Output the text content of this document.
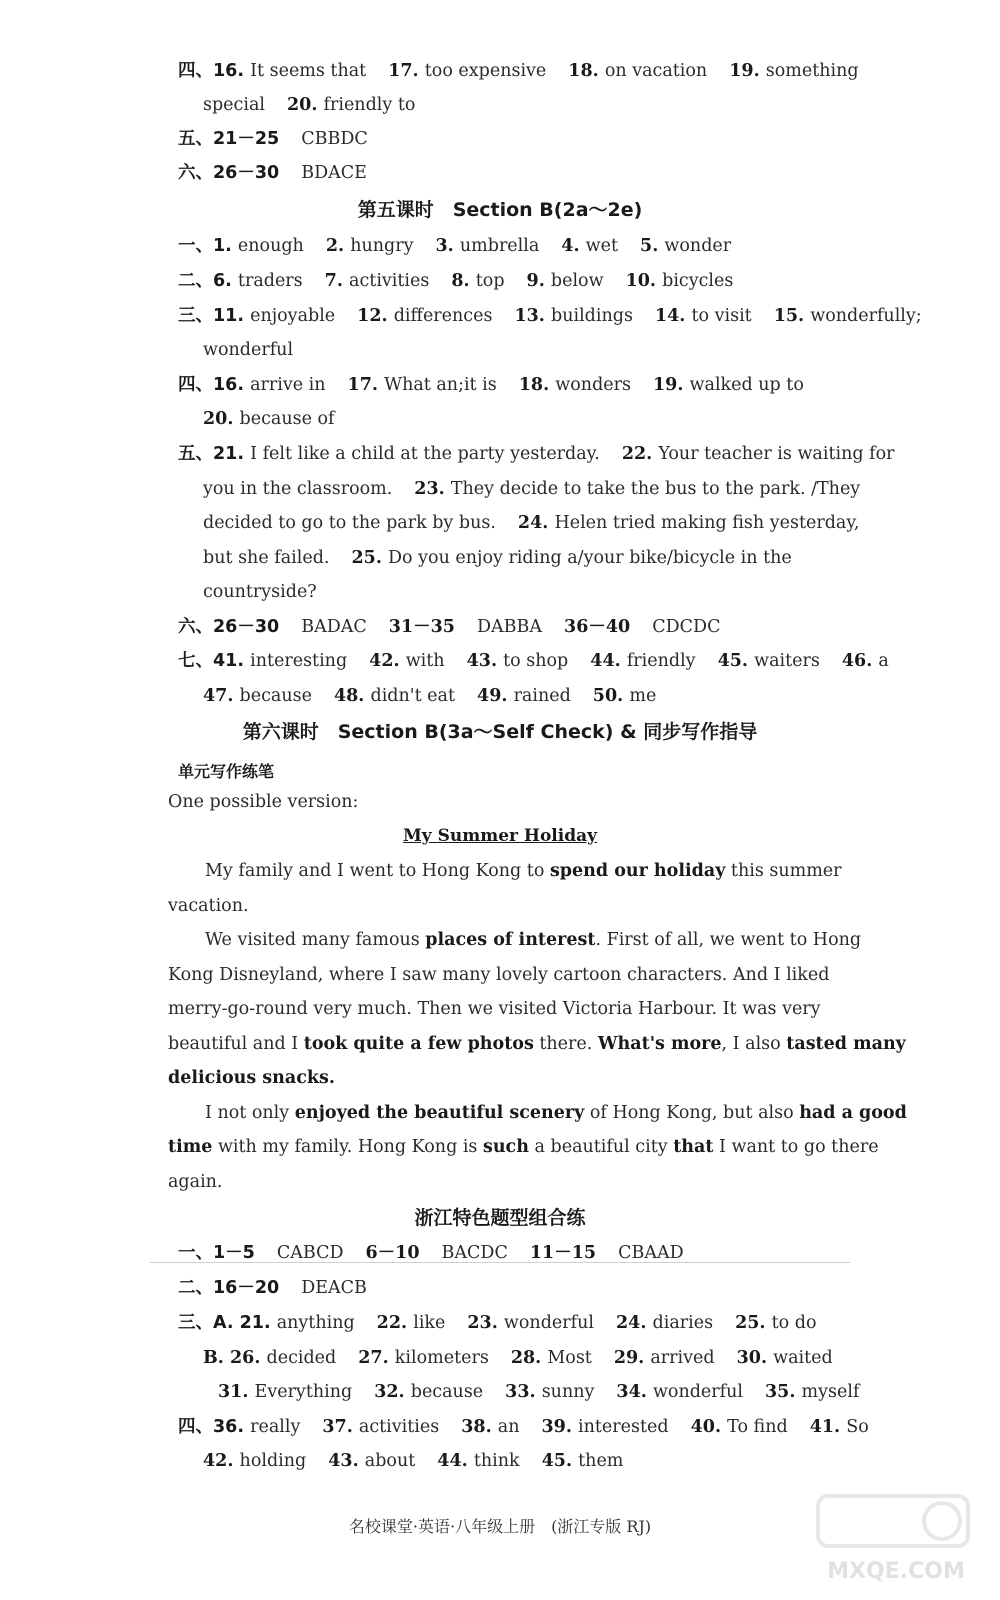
四、16. It seems that 17. too expensive 18. on vacation 19. something
special 20. friendly to
五、21－25 CBBDC
六、26－30 BDACE
第五课时　Section B(2a～2e)
一、1. enough 2. hungry 3. umbrella 4. wet 5. wonder
二、6. traders 7. activities 8. top 9. below 10. bicycles
三、11. enjoyable 12. differences 13. buildings 14. to visit 15. wonderfully;
wonderful
四、16. arrive in 17. What an;it is 18. wonders 19. walked up to
20. because of
五、21. I felt like a child at the party yesterday. 22. Your teacher is waiting for
you in the classroom. 23. They decide to take the bus to the park. /They
decided to go to the park by bus. 24. Helen tried making fish yesterday,
but she failed. 25. Do you enjoy riding a/your bike/bicycle in the
countryside?
六、26－30 BADAC 31－35 DABBA 36－40 CDCDC
七、41. interesting 42. with 43. to shop 44. friendly 45. waiters 46. a
47. because 48. didn't eat 49. rained 50. me
第六课时　Section B(3a～Self Check) & 同步写作指导
单元写作练笔
One possible version:
My Summer Holiday
My family and I went to Hong Kong to spend our holiday this summer
vacation.
We visited many famous places of interest. First of all, we went to Hong
Kong Disneyland, where I saw many lovely cartoon characters. And I liked
merry-go-round very much. Then we visited Victoria Harbour. It was very
beautiful and I took quite a few photos there. What's more, I also tasted many
delicious snacks.
I not only enjoyed the beautiful scenery of Hong Kong, but also had a good
time with my family. Hong Kong is such a beautiful city that I want to go there
again.
浙江特色题型组合练
一、1－5 CABCD 6－10 BACDC 11－15 CBAAD
二、16－20 DEACB
三、A. 21. anything 22. like 23. wonderful 24. diaries 25. to do
B. 26. decided 27. kilometers 28. Most 29. arrived 30. waited
31. Everything 32. because 33. sunny 34. wonderful 35. myself
四、36. really 37. activities 38. an 39. interested 40. To find 41. So
42. holding 43. about 44. think 45. them
名校课堂·英语·八年级上册　(浙江专版 RJ)
MXQE.COM
